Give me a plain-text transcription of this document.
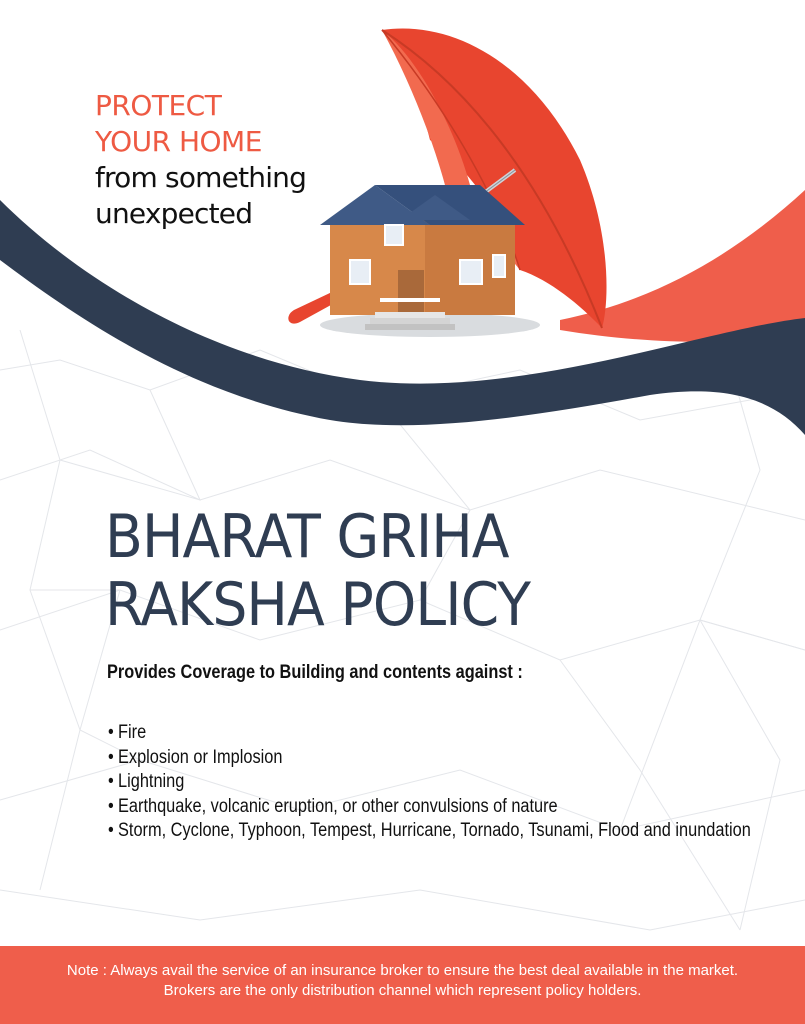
PROTECT
YOUR HOME
from something
unexpected
BHARAT GRIHA
RAKSHA POLICY
Provides Coverage to Building and contents against :
• Fire
• Explosion or Implosion
• Lightning
• Earthquake, volcanic eruption, or other convulsions of nature
• Storm, Cyclone, Typhoon, Tempest, Hurricane, Tornado, Tsunami, Flood and inundation
Note : Always avail the service of an insurance broker to ensure the best deal available in the market.
Brokers are the only distribution channel which represent policy holders.
